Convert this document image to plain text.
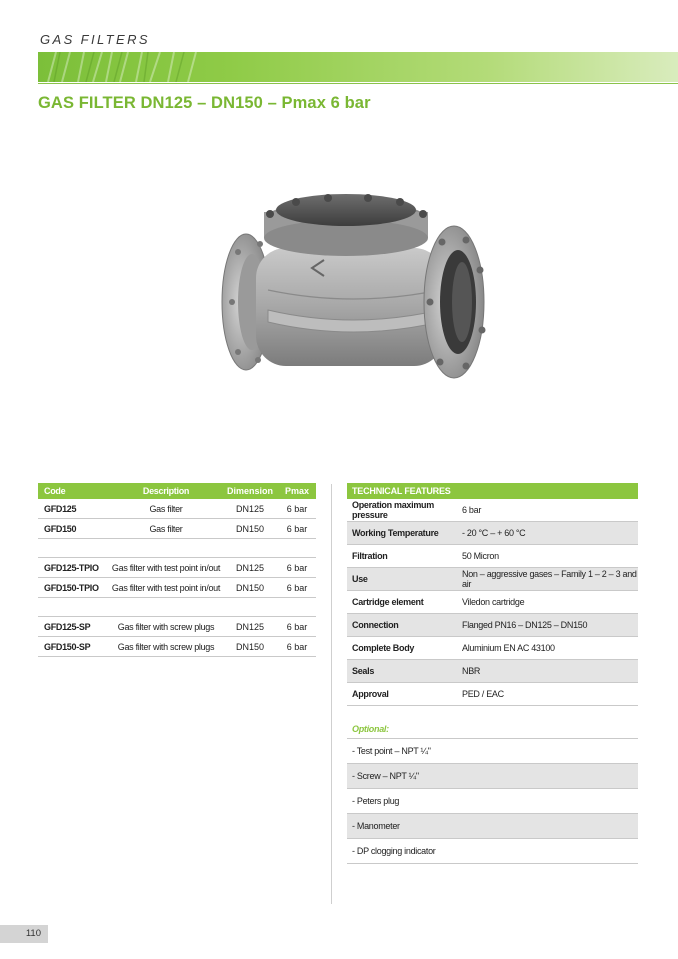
GAS FILTERS
GAS FILTER DN125 – DN150 – Pmax 6 bar
Code	Description	Dimension	Pmax
GFD125	Gas filter	DN125	6 bar
GFD150	Gas filter	DN150	6 bar
GFD125-TPIO	Gas filter with test point in/out	DN125	6 bar
GFD150-TPIO	Gas filter with test point in/out	DN150	6 bar
GFD125-SP	Gas filter with screw plugs	DN125	6 bar
GFD150-SP	Gas filter with screw plugs	DN150	6 bar
TECHNICAL FEATURES
Operation maximum pressure	6 bar
Working Temperature	- 20 °C – + 60 °C
Filtration	50 Micron
Use	Non – aggressive gases – Family 1 – 2 – 3 and air
Cartridge element	Viledon cartridge
Connection	Flanged PN16 – DN125 – DN150
Complete Body	Aluminium EN AC 43100
Seals	NBR
Approval	PED / EAC
Optional:
- Test point – NPT ¼"
- Screw – NPT ¼"
- Peters plug
- Manometer
- DP clogging indicator
110
